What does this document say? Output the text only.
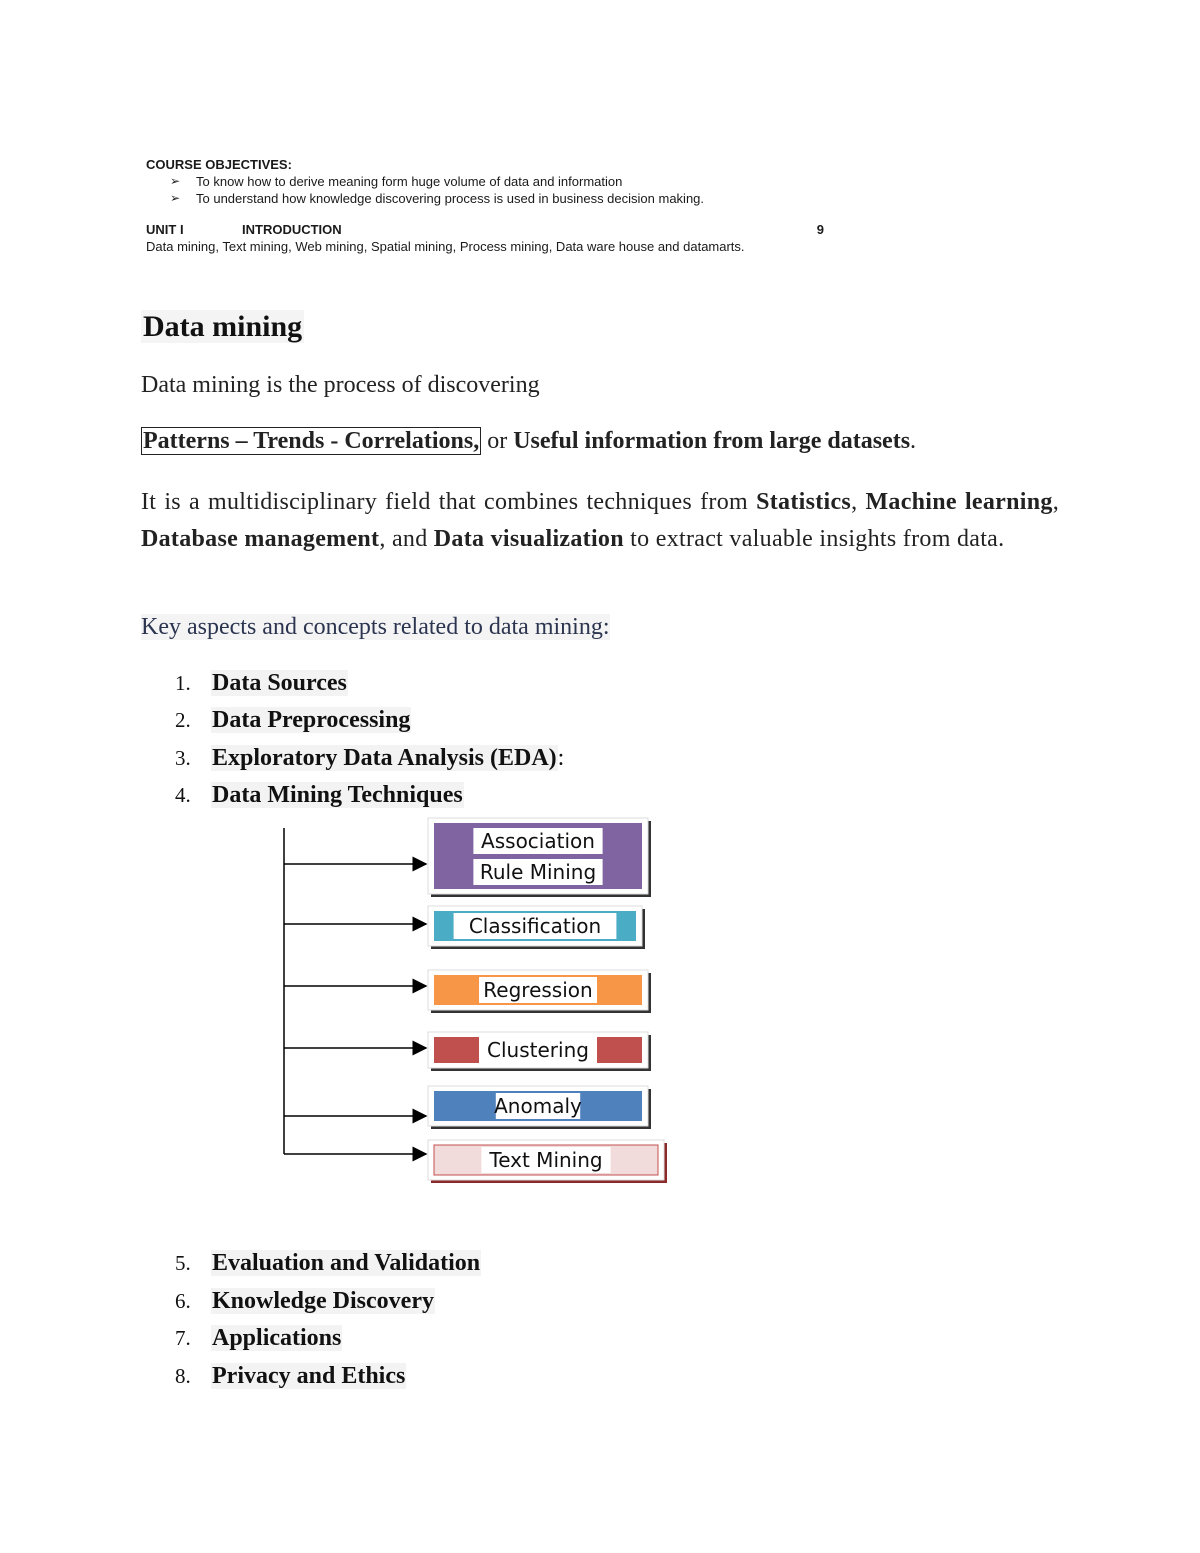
COURSE OBJECTIVES:
➢	To know how to derive meaning form huge volume of data and information
➢	To understand how knowledge discovering process is used in business decision making.
UNIT I	INTRODUCTION	9
Data mining, Text mining, Web mining, Spatial mining, Process mining, Data ware house and datamarts.
Data mining
Data mining is the process of discovering
Patterns – Trends - Correlations, or Useful information from large datasets.
It is a multidisciplinary field that combines techniques from Statistics, Machine learning, Database management, and Data visualization to extract valuable insights from data.
Key aspects and concepts related to data mining:
1. Data Sources
2. Data Preprocessing
3. Exploratory Data Analysis (EDA):
4. Data Mining Techniques
5. Evaluation and Validation
6. Knowledge Discovery
7. Applications
8. Privacy and Ethics
Association
Rule Mining
Classification
Regression
Clustering
Anomaly
Text Mining
